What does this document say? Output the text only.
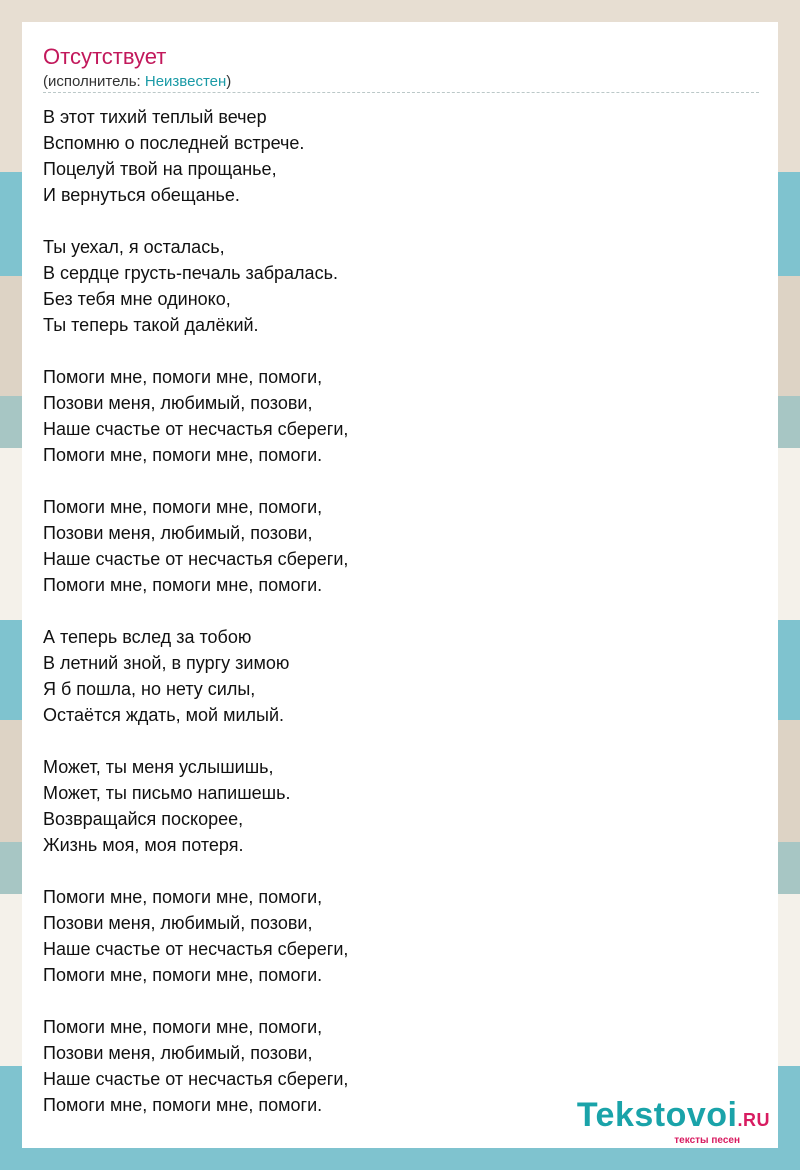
Отсутствует
(исполнитель: Неизвестен)
В этот тихий теплый вечер
Вспомню о последней встрече.
Поцелуй твой на прощанье,
И вернуться обещанье.
Ты уехал, я осталась,
В сердце грусть-печаль забралась.
Без тебя мне одиноко,
Ты теперь такой далёкий.
Помоги мне, помоги мне, помоги,
Позови меня, любимый, позови,
Наше счастье от несчастья сбереги,
Помоги мне, помоги мне, помоги.
Помоги мне, помоги мне, помоги,
Позови меня, любимый, позови,
Наше счастье от несчастья сбереги,
Помоги мне, помоги мне, помоги.
А теперь вслед за тобою
В летний зной, в пургу зимою
Я б пошла, но нету силы,
Остаётся ждать, мой милый.
Может, ты меня услышишь,
Может, ты письмо напишешь.
Возвращайся поскорее,
Жизнь моя, моя потеря.
Помоги мне, помоги мне, помоги,
Позови меня, любимый, позови,
Наше счастье от несчастья сбереги,
Помоги мне, помоги мне, помоги.
Помоги мне, помоги мне, помоги,
Позови меня, любимый, позови,
Наше счастье от несчастья сбереги,
Помоги мне, помоги мне, помоги.	Tekstovoi.RU
тексты песен
